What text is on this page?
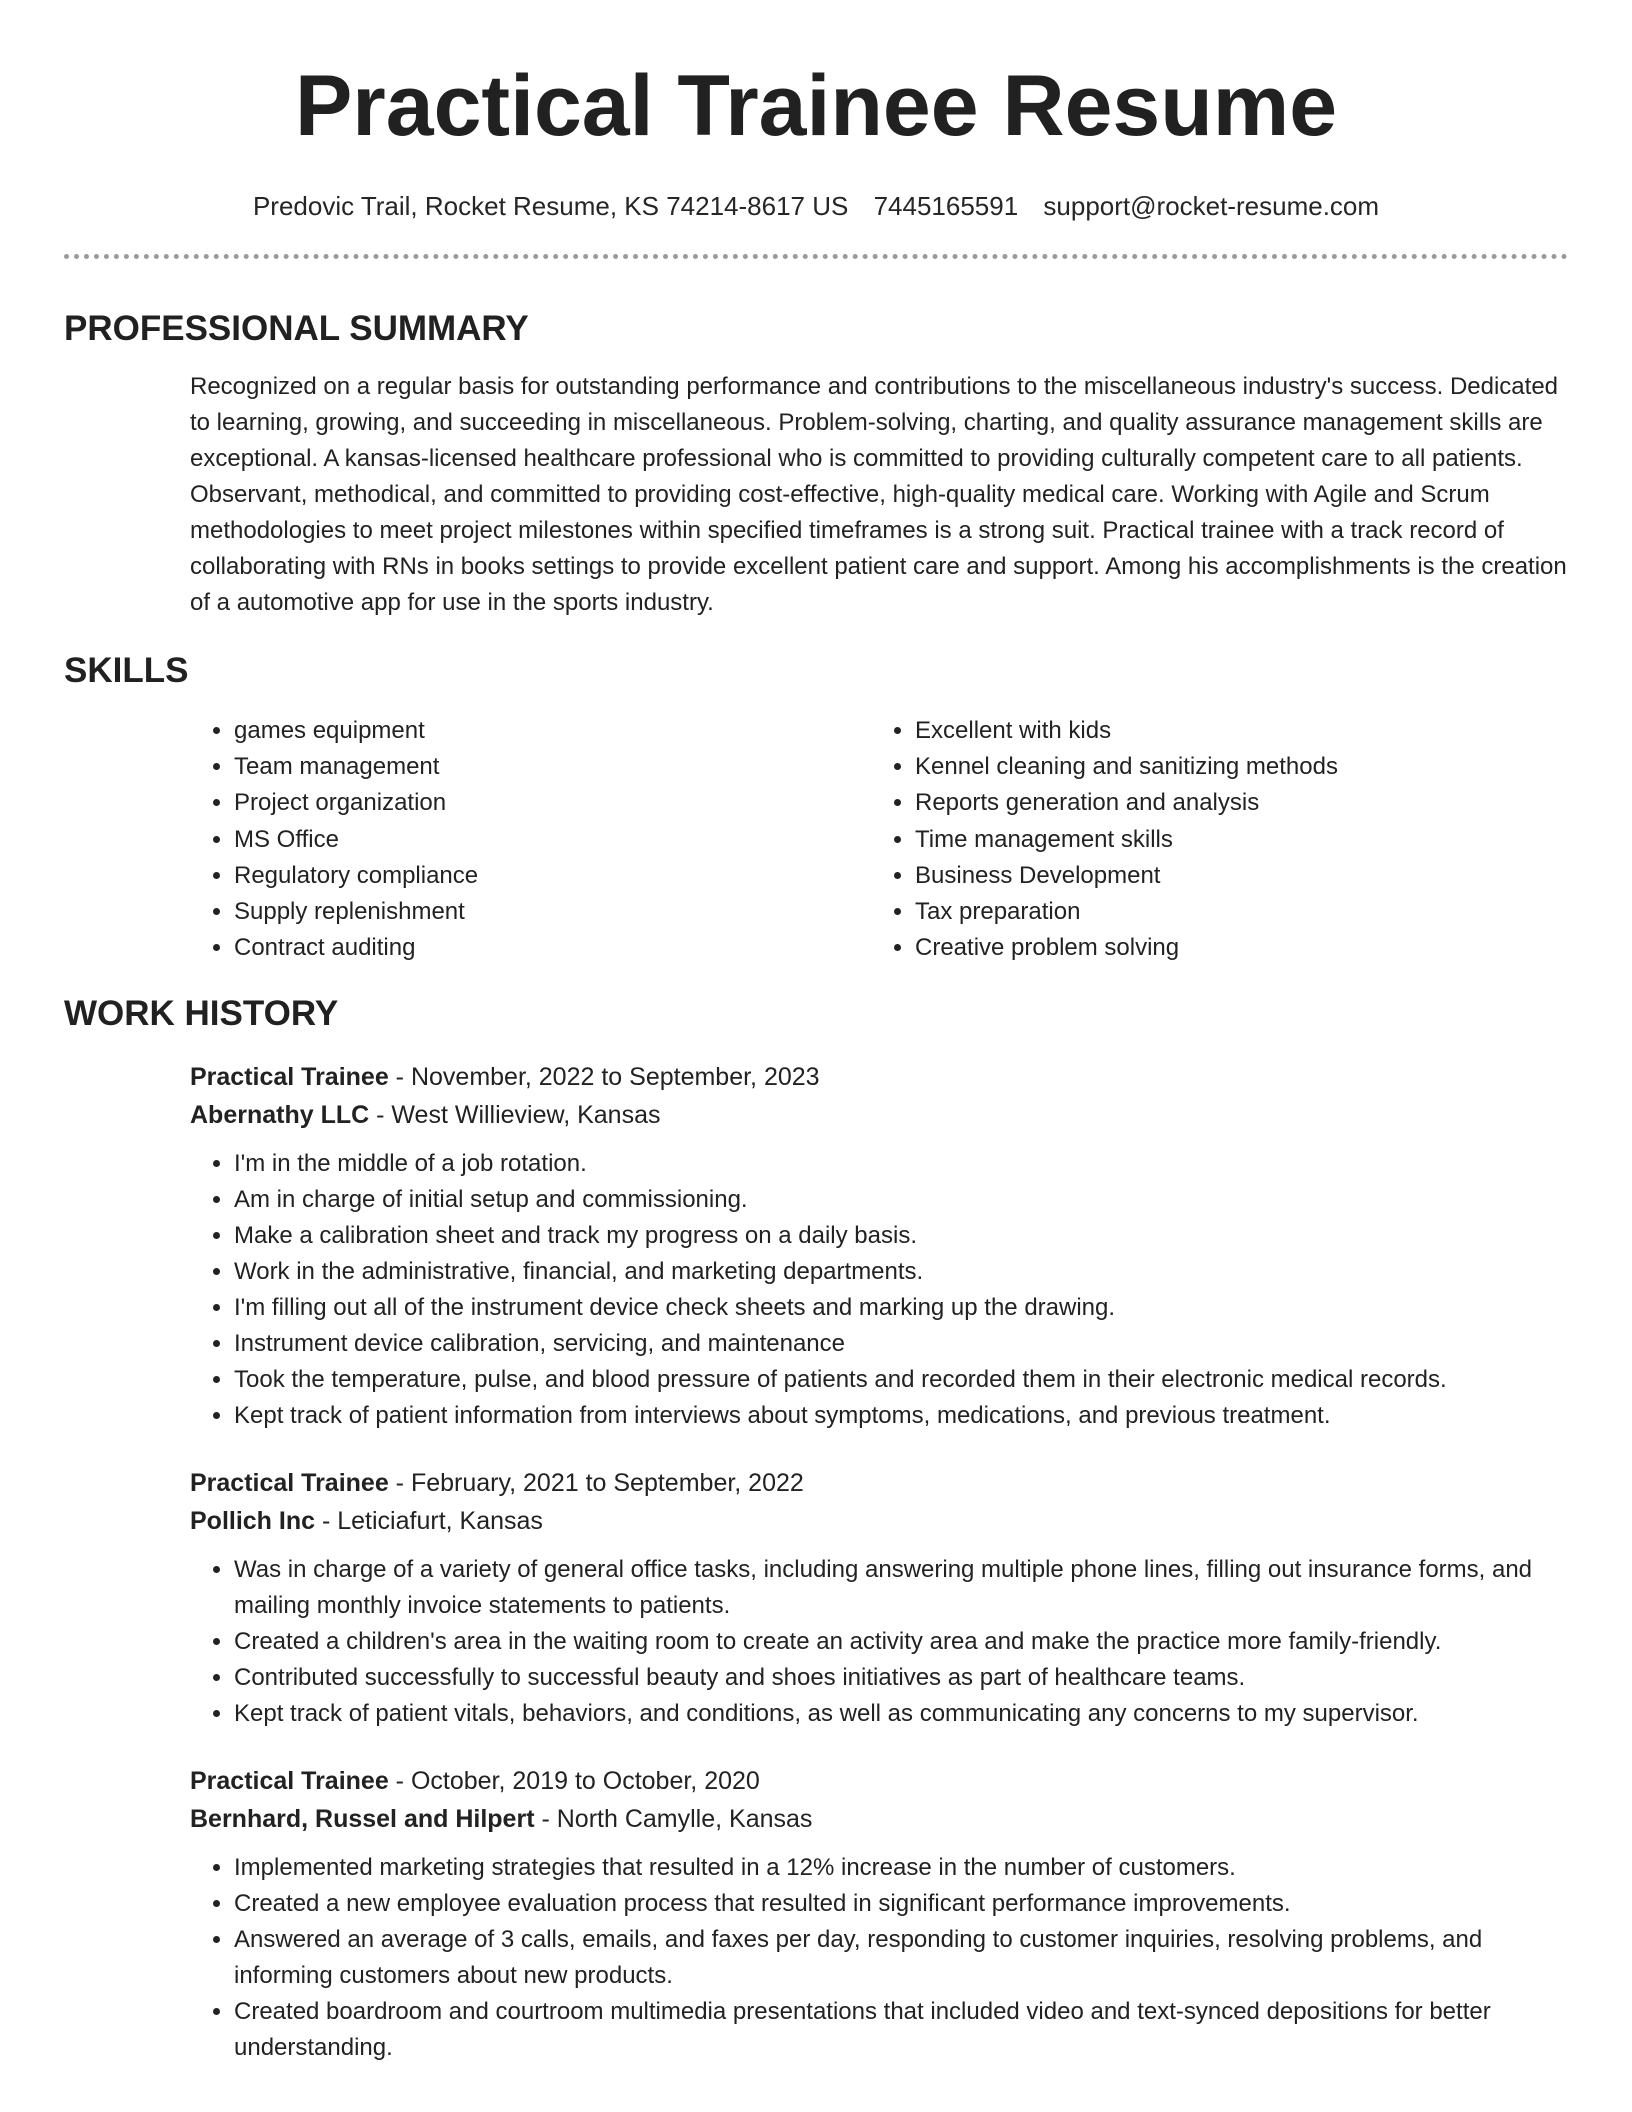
Practical Trainee Resume
Predovic Trail, Rocket Resume, KS 74214-8617 US 7445165591 support@rocket-resume.com
PROFESSIONAL SUMMARY
Recognized on a regular basis for outstanding performance and contributions to the miscellaneous industry's success. Dedicated to learning, growing, and succeeding in miscellaneous. Problem-solving, charting, and quality assurance management skills are exceptional. A kansas-licensed healthcare professional who is committed to providing culturally competent care to all patients. Observant, methodical, and committed to providing cost-effective, high-quality medical care. Working with Agile and Scrum methodologies to meet project milestones within specified timeframes is a strong suit. Practical trainee with a track record of collaborating with RNs in books settings to provide excellent patient care and support. Among his accomplishments is the creation of a automotive app for use in the sports industry.
SKILLS
• games equipment
• Team management
• Project organization
• MS Office
• Regulatory compliance
• Supply replenishment
• Contract auditing
• Excellent with kids
• Kennel cleaning and sanitizing methods
• Reports generation and analysis
• Time management skills
• Business Development
• Tax preparation
• Creative problem solving
WORK HISTORY
Practical Trainee - November, 2022 to September, 2023
Abernathy LLC - West Willieview, Kansas
• I'm in the middle of a job rotation.
• Am in charge of initial setup and commissioning.
• Make a calibration sheet and track my progress on a daily basis.
• Work in the administrative, financial, and marketing departments.
• I'm filling out all of the instrument device check sheets and marking up the drawing.
• Instrument device calibration, servicing, and maintenance
• Took the temperature, pulse, and blood pressure of patients and recorded them in their electronic medical records.
• Kept track of patient information from interviews about symptoms, medications, and previous treatment.
Practical Trainee - February, 2021 to September, 2022
Pollich Inc - Leticiafurt, Kansas
• Was in charge of a variety of general office tasks, including answering multiple phone lines, filling out insurance forms, and mailing monthly invoice statements to patients.
• Created a children's area in the waiting room to create an activity area and make the practice more family-friendly.
• Contributed successfully to successful beauty and shoes initiatives as part of healthcare teams.
• Kept track of patient vitals, behaviors, and conditions, as well as communicating any concerns to my supervisor.
Practical Trainee - October, 2019 to October, 2020
Bernhard, Russel and Hilpert - North Camylle, Kansas
• Implemented marketing strategies that resulted in a 12% increase in the number of customers.
• Created a new employee evaluation process that resulted in significant performance improvements.
• Answered an average of 3 calls, emails, and faxes per day, responding to customer inquiries, resolving problems, and informing customers about new products.
• Created boardroom and courtroom multimedia presentations that included video and text-synced depositions for better understanding.
